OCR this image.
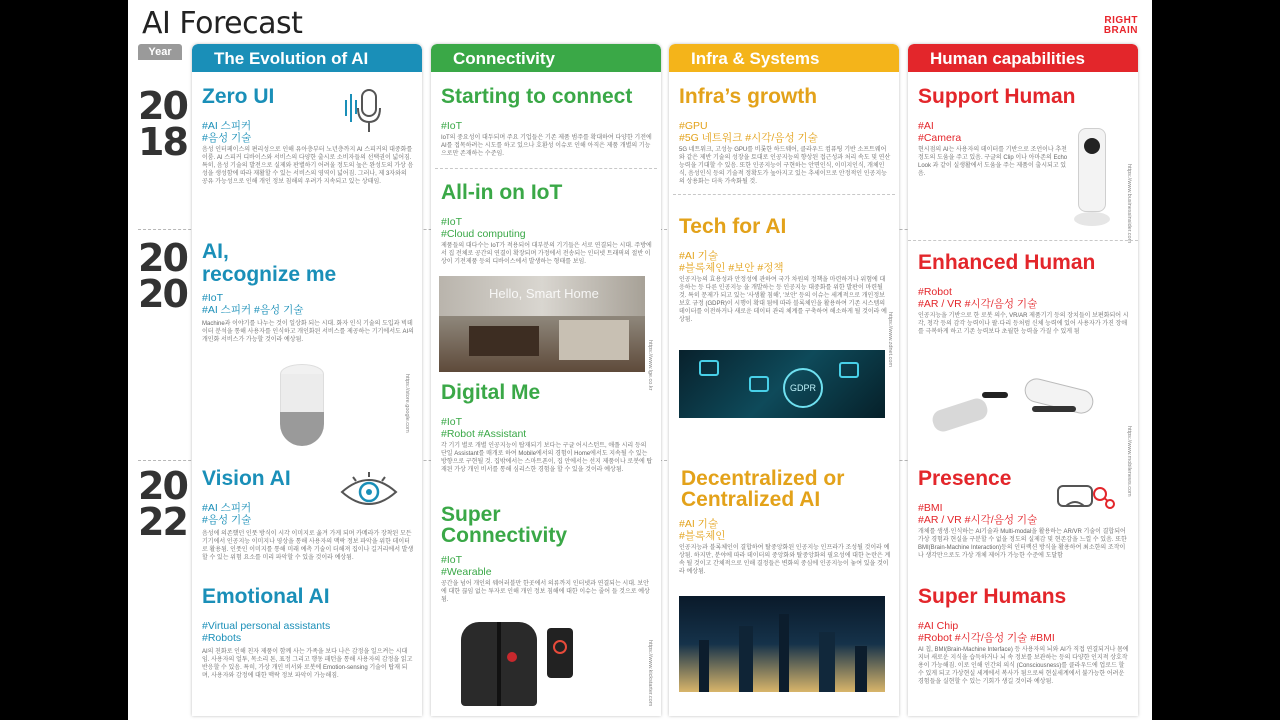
AI Forecast	RIGHT
BRAIN
Year
20
18
20
20
20
22
The Evolution of AI
Zero UI
#AI 스피커
#음성 기술
음성 인터페이스의 편리성으로 인해 유아층부터 노년층까지 AI 스피커의 대중화를 이룸. AI 스피커 디바이스와 서비스의 다양한 출시로 소비자들의 선택권이 넓어짐. 특히, 음성 기술의 발전으로 실제와 판별하기 어려울 정도의 높은 완성도의 가상 음성을 생성함에 따라 재활할 수 있는 서비스의 영역이 넓어짐. 그러나, 제 3자와의 공유 가능성으로 인해 개인 정보 침해의 우려가 지속되고 있는 상태임.
AI,
recognize me
#IoT
#AI 스피커 #음성 기술
Machine과 이야기를 나누는 것이 일상화 되는 시대. 화자 인식 기술의 도입과 빅데이터 분석을 통해 사용자를 인식하고 개인화된 서비스를 제공하는 기기에서도 AI의 개인화 서비스가 가능할 것이라 예상됨.
https://store.google.com
Vision AI
#AI 스피커
#음성 기술
음성에 의존했던 인풋 방식이 시각 이미지로 옮겨 가게 되며 카메라가 장착된 모든 기기에서 인공지능 이미지나 영상을 통해 사용자의 맥락 정보 파악을 위한 데이터로 활용됨. 인풋인 이미지를 통해 미래 예측 기술이 더해져 집이나 길거리에서 발생할 수 있는 위험 요소를 미리 파악할 수 있을 것이라 예상됨.
Emotional AI
#Virtual personal assistants
#Robots
AI의 친화로 인해 친자 제품이 함께 사는 가족을 보다 나은 감정을 일으켜는 시대임. 사용자의 얼투, 목소리 톤, 표정 그리고 행동 패턴을 통해 사용자의 감정을 읽고 반응할 수 있음. 특히, 가상 개인 비서와 로봇에 Emotion-sensing 기술이 탑재 되며, 사용자와 감정에 대한 맥락 정보 파악이 가능해짐.
Connectivity
Starting to connect
#IoT
IoT의 중요성이 대두되며 주요 기업들은 기존 제품 범주를 확대하여 다양한 기전에 AI를 접목하려는 시도를 하고 있으나 호환성 이슈로 인해 아직은 제품 개별의 기능으로만 존재하는 수준임.
All-in on IoT
#IoT
#Cloud computing
제품들의 대다수는 IoT가 적용되어 대부분의 기기들은 서로 연결되는 시대. 주방에서 집 전체로 공간의 연결이 확장되며 가정에서 전송되는 인터넷 트래픽의 절반 이상이 기전제품 등의 디바이스에서 발생하는 형태를 보임.
Hello, Smart Home
https://www.lge.co.kr
Digital Me
#IoT
#Robot #Assistant
각 기기 별로 개별 인공지능이 탑재되기 보다는 구글 어시스턴트, 애플 시리 등의 단일 Assistant를 매개로 하여 Mobile에서의 경험이 Home에서도 지속될 수 있는 방향으로 구현될 것. 집밖에서는 스마트폰이, 집 안에서는 선지 제품이나 로봇에 탑재된 가상 개인 비서를 통해 심리스한 경험을 할 수 있을 것이라 예상됨.
Super
Connectivity
#IoT
#Wearable
공간을 넘어 개인의 웨어러블만 한곳에서 의류까지 인터넷과 연결되는 시대. 보안에 대한 끊임 없는 투자로 인해 개인 정보 침해에 대한 이슈는 줄어 들 것으로 예상됨.
https://www.kickstarter.com
Infra & Systems
Infra’s growth
#GPU
#5G 네트워크 #시각/음성 기술
5G 네트워크, 고성능 GPU를 비롯한 하드웨어, 클라우드 컴퓨팅 기반 소프트웨어와 같은 제반 기술의 성장을 토대로 인공지능의 향상된 접근성과 처리 속도 및 연산 능력을 기대할 수 있음. 또한 인공지능이 구현하는 안면인식, 이미지인식, 개체인식, 음성인식 등의 기술적 정확도가 높아지고 있는 추세이므로 안정적인 인공지능의 상용화는 더욱 가속화될 것.
Tech for AI
#AI 기술
#블록체인 #보안 #정책
인공지능의 효용성과 안정성에 관하여 국가 차원의 정책을 마련하거나 위험에 대응하는 등 다른 인공지능 을 개발하는 등 인공지능 대중화를 위한 발판이 마련될 것. 특히 문제가 되고 있는 '사생활 침해', '보안' 등의 이슈는 세계적으로 개인정보 보호 규정 (GDPR)이 시행이 확대 됨에 따라 블록체인을 활용하여 기존 시스템의 데이터를 이전하거나 새로운 데이터 관리 체계를 구축하여 해소하게 될 것이라 예상됨.
GDPR
https://www.zdnet.com
Decentralized or
Centralized AI
#AI 기술
#블록체인
인공지능과 블록체인이 결합하여 탈중앙화된 인공지능 인프라가 조성될 것이라 예상됨. 하지만, 분야에 따라 데이터의 중앙화와 탈중앙화의 필요성에 대한 논란은 계속 될 것이고 간체적으로 인해 결정들은 변화의 중심에 인공지능이 놓여 있을 것이라 예상됨.
Human capabilities
Support Human
#AI
#Camera
현시점의 AI는 사용자의 데이터를 기반으로 조언이나 추천 정도의 도움을 주고 있음. 구글의 Clip 이나 아마존의 Echo Look 과 같이 실생활에서 도움을 주는 제품이 출시되고 있음.	https://www.businessinsider.com
Enhanced Human
#Robot
#AR / VR #시각/음성 기술
인공지능을 기반으로 한 로봇 의수, VR/AR 제품기기 등의 장치들이 보편화되어 시각, 청각 등의 감각 능력이나 팔·다리 등처럼 신체 능력에 있어 사용자가 가진 장애를 극복하게 하고 기존 능력보다 초월한 능력을 가질 수 있게 됨
https://www.mobilenews.com
Presence
#BMI
#AR / VR #시각/음성 기술
개체를 생생·인식하는 AI기술과 Multi-modal을 활용하는 AR/VR 기술이 결합되어 가상 경험과 현실을 구분할 수 없을 정도의 실제감 및 현존감을 느낄 수 있음. 또한 BMI(Brain-Machine Interaction)등의 인터랙션 방식을 활용하여 최소한의 조작이나 생각만으로도 가상 개체 제어가 가능한 수준에 도달함
Super Humans
#AI Chip
#Robot #시각/음성 기술 #BMI
AI 칩, BMI(Brain-Machine Interface) 등 사용자의 뇌와 AI가 직접 연결되거나 몸에 지녀 새로운 지식을 습득하거나 뇌 속 정보를 보관하는 등의 다양한 인지적 상호작용이 가능해짐. 이로 인해 인간의 의식 (Consciousness)를 클라우드에 업로드 할 수 있게 되고 가상현실 세계에서 복사가 됨으로써 현실세계에서 불가능한 어려운 경험들을 실현할 수 있는 기회가 생길 것이라 예상됨.
